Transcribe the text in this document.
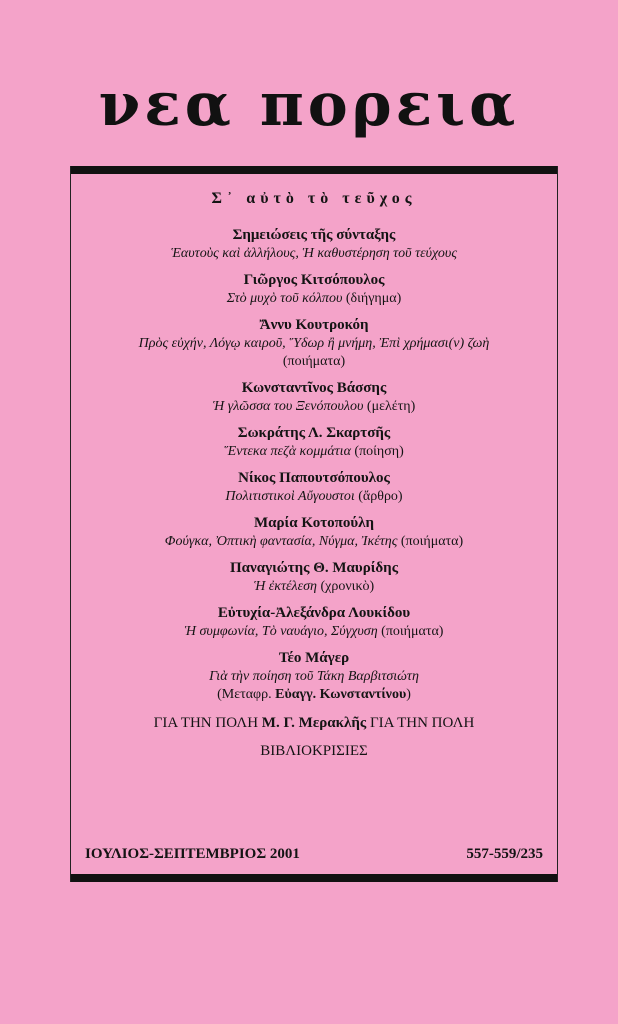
νεα πορεια
Σ᾽ αὐτὸ τὸ τεῦχος
Σημειώσεις τῆς σύνταξης
Ἑαυτοὺς καὶ ἀλλήλους, Ἡ καθυστέρηση τοῦ τεύχους
Γιῶργος Κιτσόπουλος
Στὸ μυχὸ τοῦ κόλπου (διήγημα)
Ἄννυ Κουτροκόη
Πρὸς εὐχήν, Λόγῳ καιροῦ, Ὕδωρ ἢ μνήμη, Ἐπὶ χρήμασι(ν) ζωὴ
(ποιήματα)
Κωνσταντῖνος Βάσσης
Ἡ γλῶσσα του Ξενόπουλου (μελέτη)
Σωκράτης Λ. Σκαρτσῆς
Ἕντεκα πεζὰ κομμάτια (ποίηση)
Νίκος Παπουτσόπουλος
Πολιτιστικοὶ Αὔγουστοι (ἄρθρο)
Μαρία Κοτοπούλη
Φούγκα, Ὀπτικὴ φαντασία, Νύγμα, Ἰκέτης (ποιήματα)
Παναγιώτης Θ. Μαυρίδης
Ἡ ἐκτέλεση (χρονικὸ)
Εὐτυχία-Ἀλεξάνδρα Λουκίδου
Ἡ συμφωνία, Τὸ ναυάγιο, Σύγχυση (ποιήματα)
Τέο Μάγερ
Γιὰ τὴν ποίηση τοῦ Τάκη Βαρβιτσιώτη
(Μεταφρ. Εὐαγγ. Κωνσταντίνου)
ΓΙΑ ΤΗΝ ΠΟΛΗ Μ. Γ. Μερακλῆς ΓΙΑ ΤΗΝ ΠΟΛΗ
ΒΙΒΛΙΟΚΡΙΣΙΕΣ
ΙΟΥΛΙΟΣ-ΣΕΠΤΕΜΒΡΙΟΣ 2001	557-559/235
